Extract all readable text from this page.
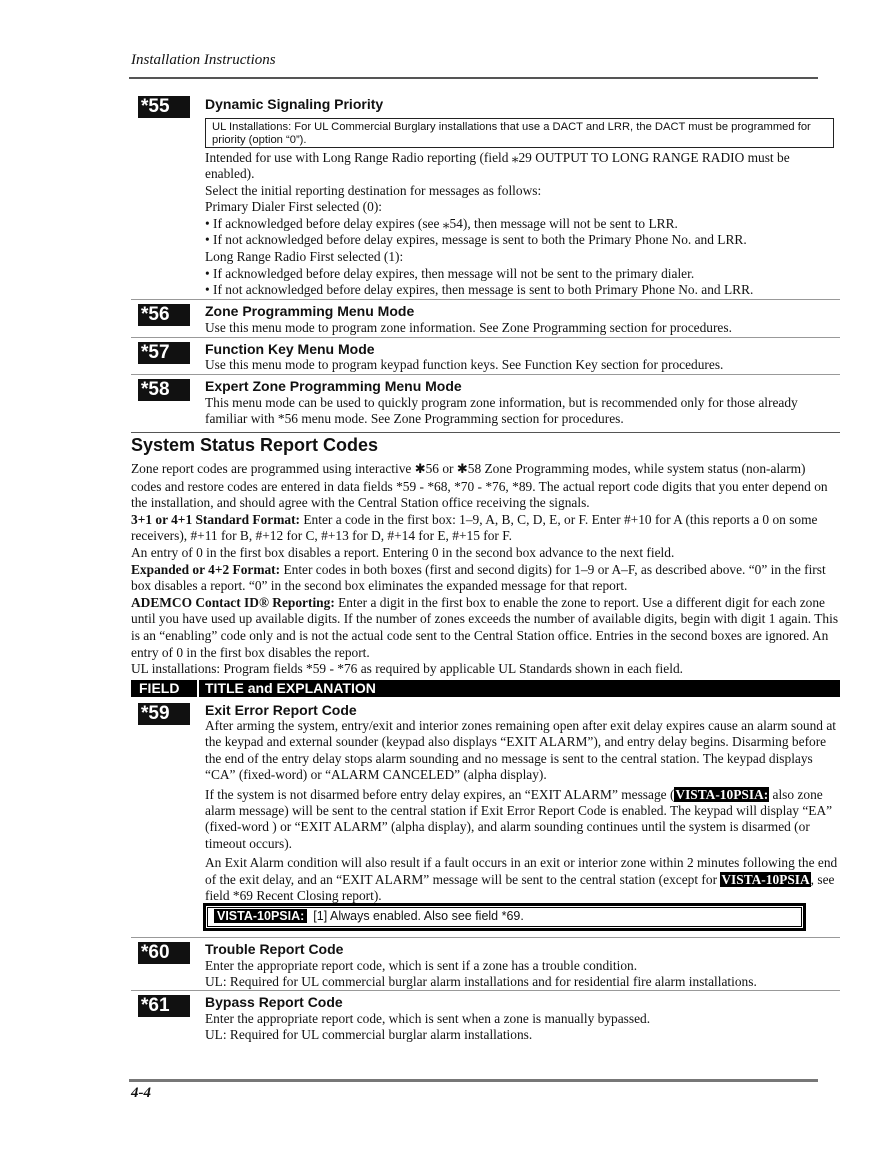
Installation Instructions
*55	Dynamic Signaling Priority
UL Installations: For UL Commercial Burglary installations that use a DACT and LRR, the DACT must be programmed for priority (option “0”).

Intended for use with Long Range Radio reporting (field ⁎29 OUTPUT TO LONG RANGE RADIO must be enabled).

Select the initial reporting destination for messages as follows:

Primary Dialer First selected (0):

• If acknowledged before delay expires (see ⁎54), then message will not be sent to LRR.

• If not acknowledged before delay expires, message is sent to both the Primary Phone No. and LRR.

Long Range Radio First selected (1):

• If acknowledged before delay expires, then message will not be sent to the primary dialer.

• If not acknowledged before delay expires, then message is sent to both Primary Phone No. and LRR.

*56	Zone Programming Menu Mode
Use this menu mode to program zone information. See Zone Programming section for procedures.
*57	Function Key Menu Mode
Use this menu mode to program keypad function keys. See Function Key section for procedures.
*58	Expert Zone Programming Menu Mode
This menu mode can be used to quickly program zone information, but is recommended only for those already familiar with *56 menu mode. See Zone Programming section for procedures.
System Status Report Codes

Zone report codes are programmed using interactive ✱56 or ✱58 Zone Programming modes, while system status (non-alarm) codes and restore codes are entered in data fields *59 - *68, *70 - *76, *89. The actual report code digits that you enter depend on the installation, and should agree with the Central Station office receiving the signals.

3+1 or 4+1 Standard Format: Enter a code in the first box: 1–9, A, B, C, D, E, or F. Enter #+10 for A (this reports a 0 on some receivers), #+11 for B, #+12 for C, #+13 for D, #+14 for E, #+15 for F.

An entry of 0 in the first box disables a report. Entering 0 in the second box advance to the next field.

Expanded or 4+2 Format: Enter codes in both boxes (first and second digits) for 1–9 or A–F, as described above. “0” in the first box disables a report. “0” in the second box eliminates the expanded message for that report.

ADEMCO Contact ID® Reporting: Enter a digit in the first box to enable the zone to report. Use a different digit for each zone until you have used up available digits. If the number of zones exceeds the number of available digits, begin with digit 1 again. This is an “enabling” code only and is not the actual code sent to the Central Station office. Entries in the second boxes are ignored. An entry of 0 in the first box disables the report.

UL installations: Program fields *59 - *76 as required by applicable UL Standards shown in each field.

FIELD TITLE and EXPLANATION
*59	Exit Error Report Code

After arming the system, entry/exit and interior zones remaining open after exit delay expires cause an alarm sound at the keypad and external sounder (keypad also displays “EXIT ALARM”), and entry delay begins. Disarming before the end of the entry delay stops alarm sounding and no message is sent to the central station. The keypad displays “CA” (fixed-word) or “ALARM CANCELED” (alpha display).

If the system is not disarmed before entry delay expires, an “EXIT ALARM” message (VISTA-10PSIA: also zone alarm message) will be sent to the central station if Exit Error Report Code is enabled. The keypad will display “EA” (fixed-word ) or “EXIT ALARM” (alpha display), and alarm sounding continues until the system is disarmed (or timeout occurs).

An Exit Alarm condition will also result if a fault occurs in an exit or interior zone within 2 minutes following the end of the exit delay, and an “EXIT ALARM” message will be sent to the central station (except for VISTA-10PSIA, see field *69 Recent Closing report).

VISTA-10PSIA: [1] Always enabled. Also see field *69.
*60	Trouble Report Code

Enter the appropriate report code, which is sent if a zone has a trouble condition.

UL: Required for UL commercial burglar alarm installations and for residential fire alarm installations.

*61	Bypass Report Code

Enter the appropriate report code, which is sent when a zone is manually bypassed.

UL: Required for UL commercial burglar alarm installations.

4-4
